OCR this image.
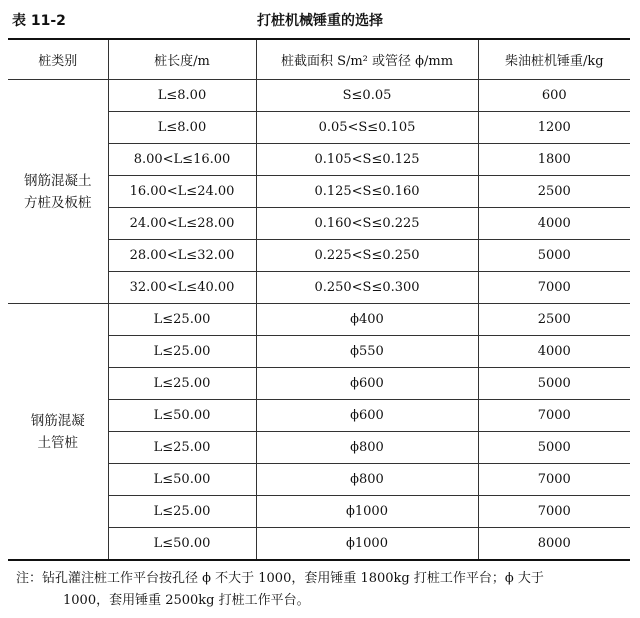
表 11-2	打桩机械锤重的选择
桩类别	桩长度/m	桩截面积 S/m² 或管径 ϕ/mm	柴油桩机锤重/kg

钢筋混凝土
方桩及板桩	L≤8.00	S≤0.05	600
	L≤8.00	0.05<S≤0.105	1200
	8.00<L≤16.00	0.105<S≤0.125	1800
	16.00<L≤24.00	0.125<S≤0.160	2500
	24.00<L≤28.00	0.160<S≤0.225	4000
	28.00<L≤32.00	0.225<S≤0.250	5000
	32.00<L≤40.00	0.250<S≤0.300	7000

钢筋混凝
土管桩	L≤25.00	ϕ400	2500
	L≤25.00	ϕ550	4000
	L≤25.00	ϕ600	5000
	L≤50.00	ϕ600	7000
	L≤25.00	ϕ800	5000
	L≤50.00	ϕ800	7000
	L≤25.00	ϕ1000	7000
	L≤50.00	ϕ1000	8000
注：钻孔灌注桩工作平台按孔径 ϕ 不大于 1000，套用锤重 1800kg 打桩工作平台；ϕ 大于
1000，套用锤重 2500kg 打桩工作平台。
